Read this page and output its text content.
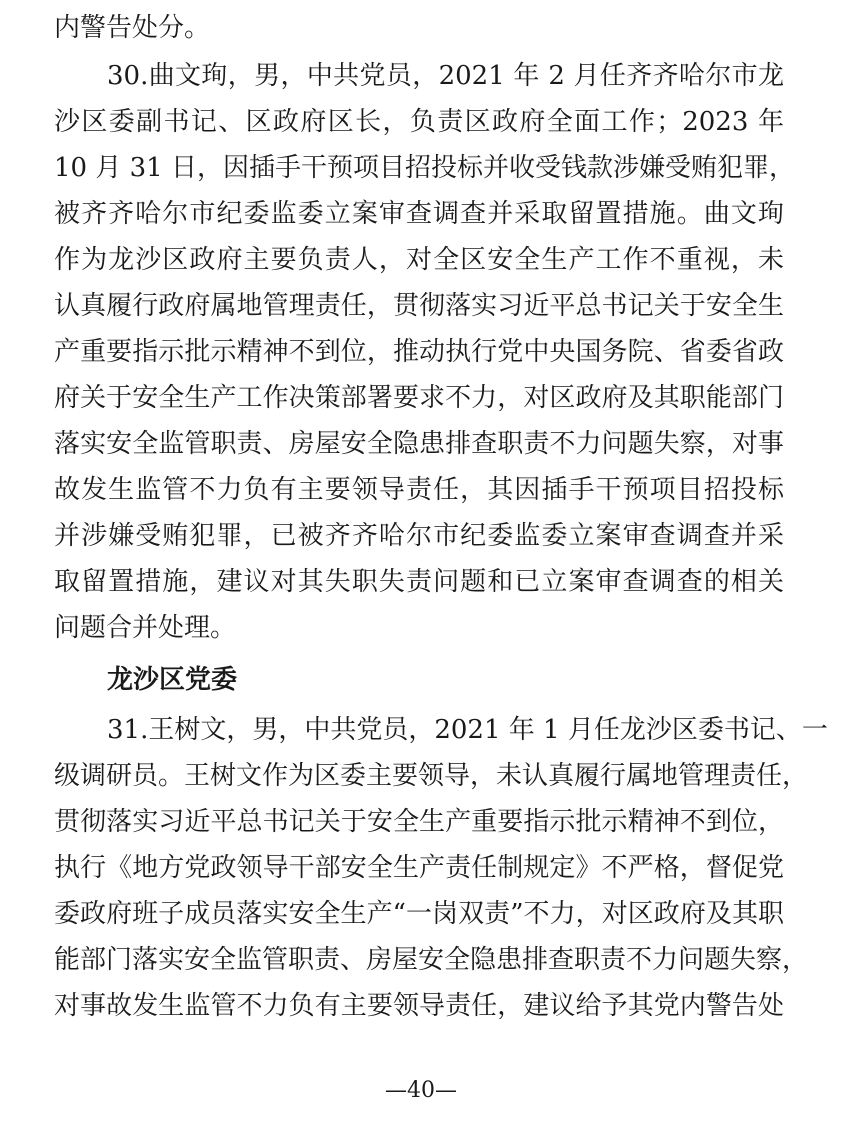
内警告处分。
30.曲文珣，男，中共党员，2021 年 2 月任齐齐哈尔市龙
沙区委副书记、区政府区长，负责区政府全面工作；2023 年
10 月 31 日，因插手干预项目招投标并收受钱款涉嫌受贿犯罪，
被齐齐哈尔市纪委监委立案审查调查并采取留置措施。曲文珣
作为龙沙区政府主要负责人，对全区安全生产工作不重视，未
认真履行政府属地管理责任，贯彻落实习近平总书记关于安全生
产重要指示批示精神不到位，推动执行党中央国务院、省委省政
府关于安全生产工作决策部署要求不力，对区政府及其职能部门
落实安全监管职责、房屋安全隐患排查职责不力问题失察，对事
故发生监管不力负有主要领导责任，其因插手干预项目招投标
并涉嫌受贿犯罪，已被齐齐哈尔市纪委监委立案审查调查并采
取留置措施，建议对其失职失责问题和已立案审查调查的相关
问题合并处理。
龙沙区党委
31.王树文，男，中共党员，2021 年 1 月任龙沙区委书记、一
级调研员。王树文作为区委主要领导，未认真履行属地管理责任，
贯彻落实习近平总书记关于安全生产重要指示批示精神不到位，
执行《地方党政领导干部安全生产责任制规定》不严格，督促党
委政府班子成员落实安全生产“一岗双责”不力，对区政府及其职
能部门落实安全监管职责、房屋安全隐患排查职责不力问题失察，
对事故发生监管不力负有主要领导责任，建议给予其党内警告处
—40—
